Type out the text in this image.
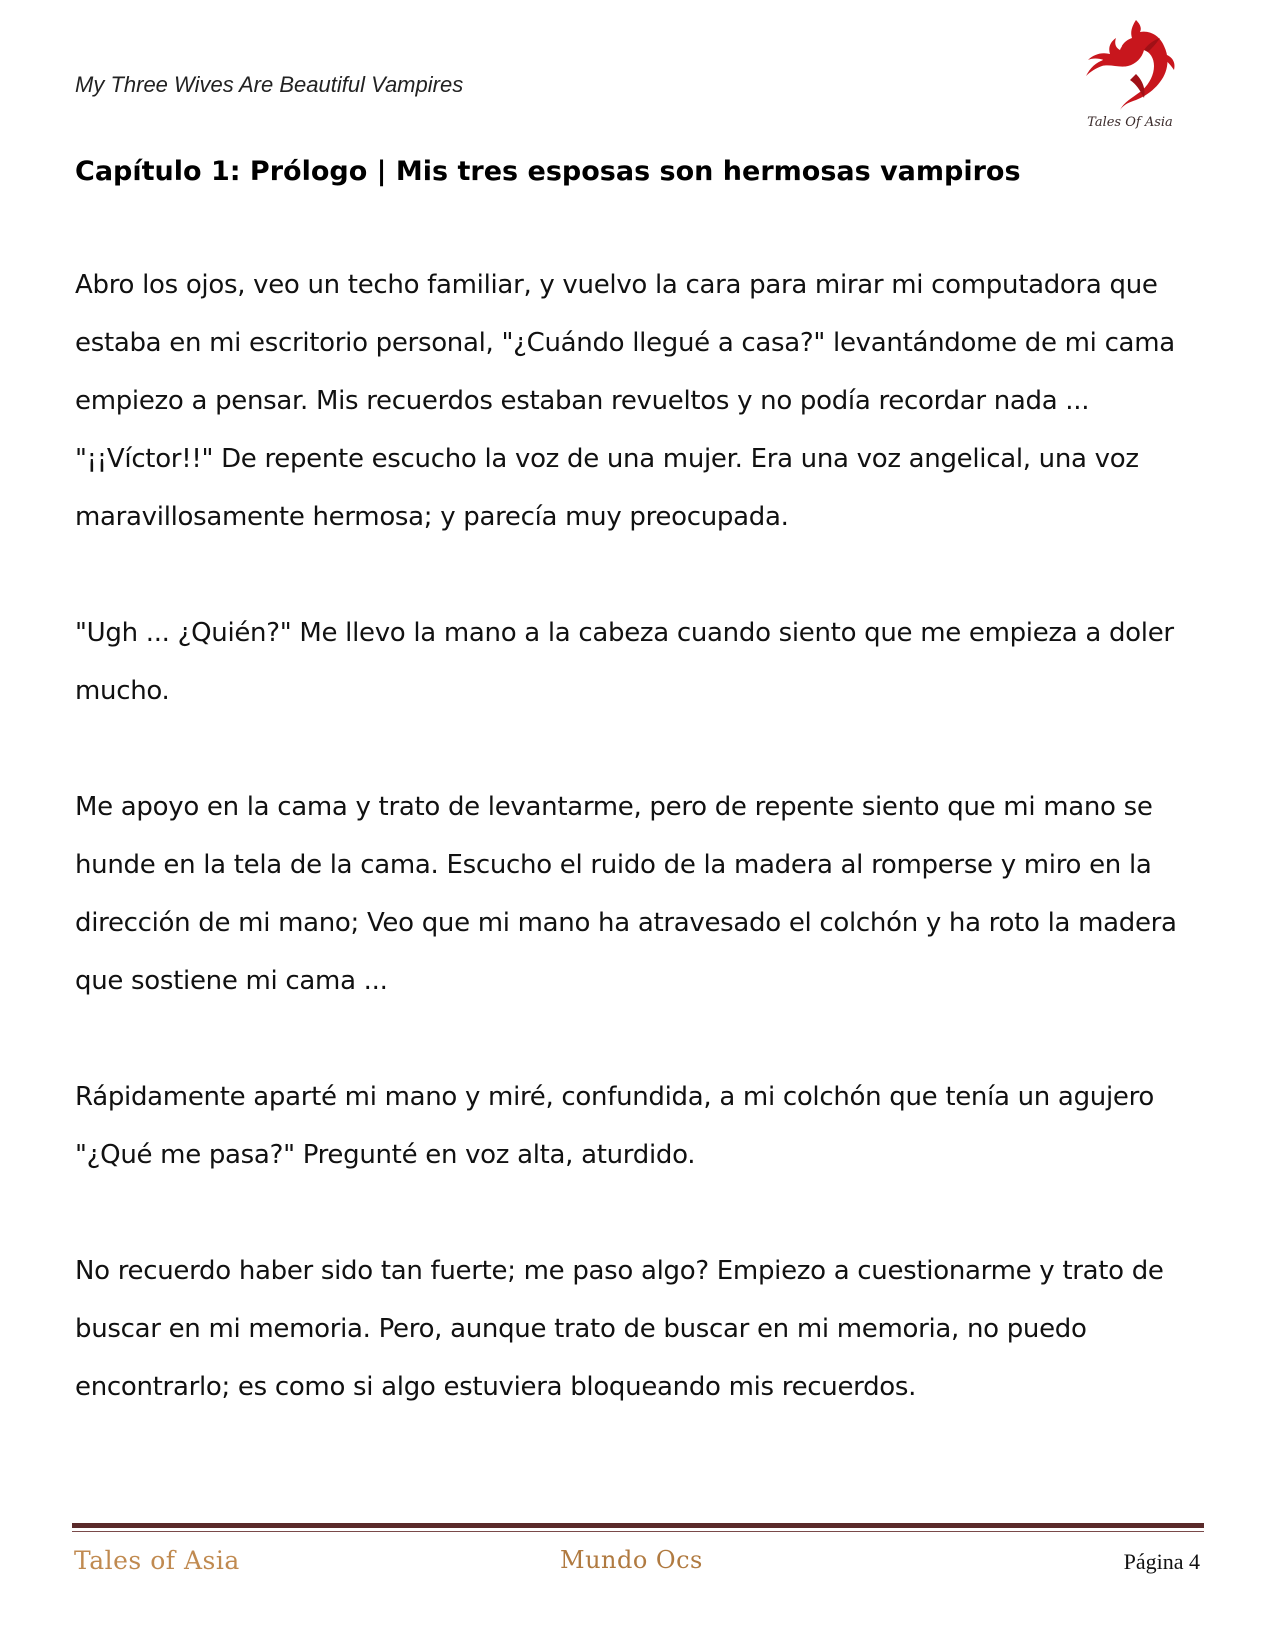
My Three Wives Are Beautiful Vampires
Tales Of Asia
Capítulo 1: Prólogo | Mis tres esposas son hermosas vampiros

Abro los ojos, veo un techo familiar, y vuelvo la cara para mirar mi computadora que
estaba en mi escritorio personal, "¿Cuándo llegué a casa?" levantándome de mi cama
empiezo a pensar. Mis recuerdos estaban revueltos y no podía recordar nada ...
"¡¡Víctor!!" De repente escucho la voz de una mujer. Era una voz angelical, una voz
maravillosamente hermosa; y parecía muy preocupada.

"Ugh ... ¿Quién?" Me llevo la mano a la cabeza cuando siento que me empieza a doler
mucho.

Me apoyo en la cama y trato de levantarme, pero de repente siento que mi mano se
hunde en la tela de la cama. Escucho el ruido de la madera al romperse y miro en la
dirección de mi mano; Veo que mi mano ha atravesado el colchón y ha roto la madera
que sostiene mi cama ...

Rápidamente aparté mi mano y miré, confundida, a mi colchón que tenía un agujero
"¿Qué me pasa?" Pregunté en voz alta, aturdido.

No recuerdo haber sido tan fuerte; me paso algo? Empiezo a cuestionarme y trato de
buscar en mi memoria. Pero, aunque trato de buscar en mi memoria, no puedo
encontrarlo; es como si algo estuviera bloqueando mis recuerdos.

Tales of Asia	Mundo Ocs	Página 4
